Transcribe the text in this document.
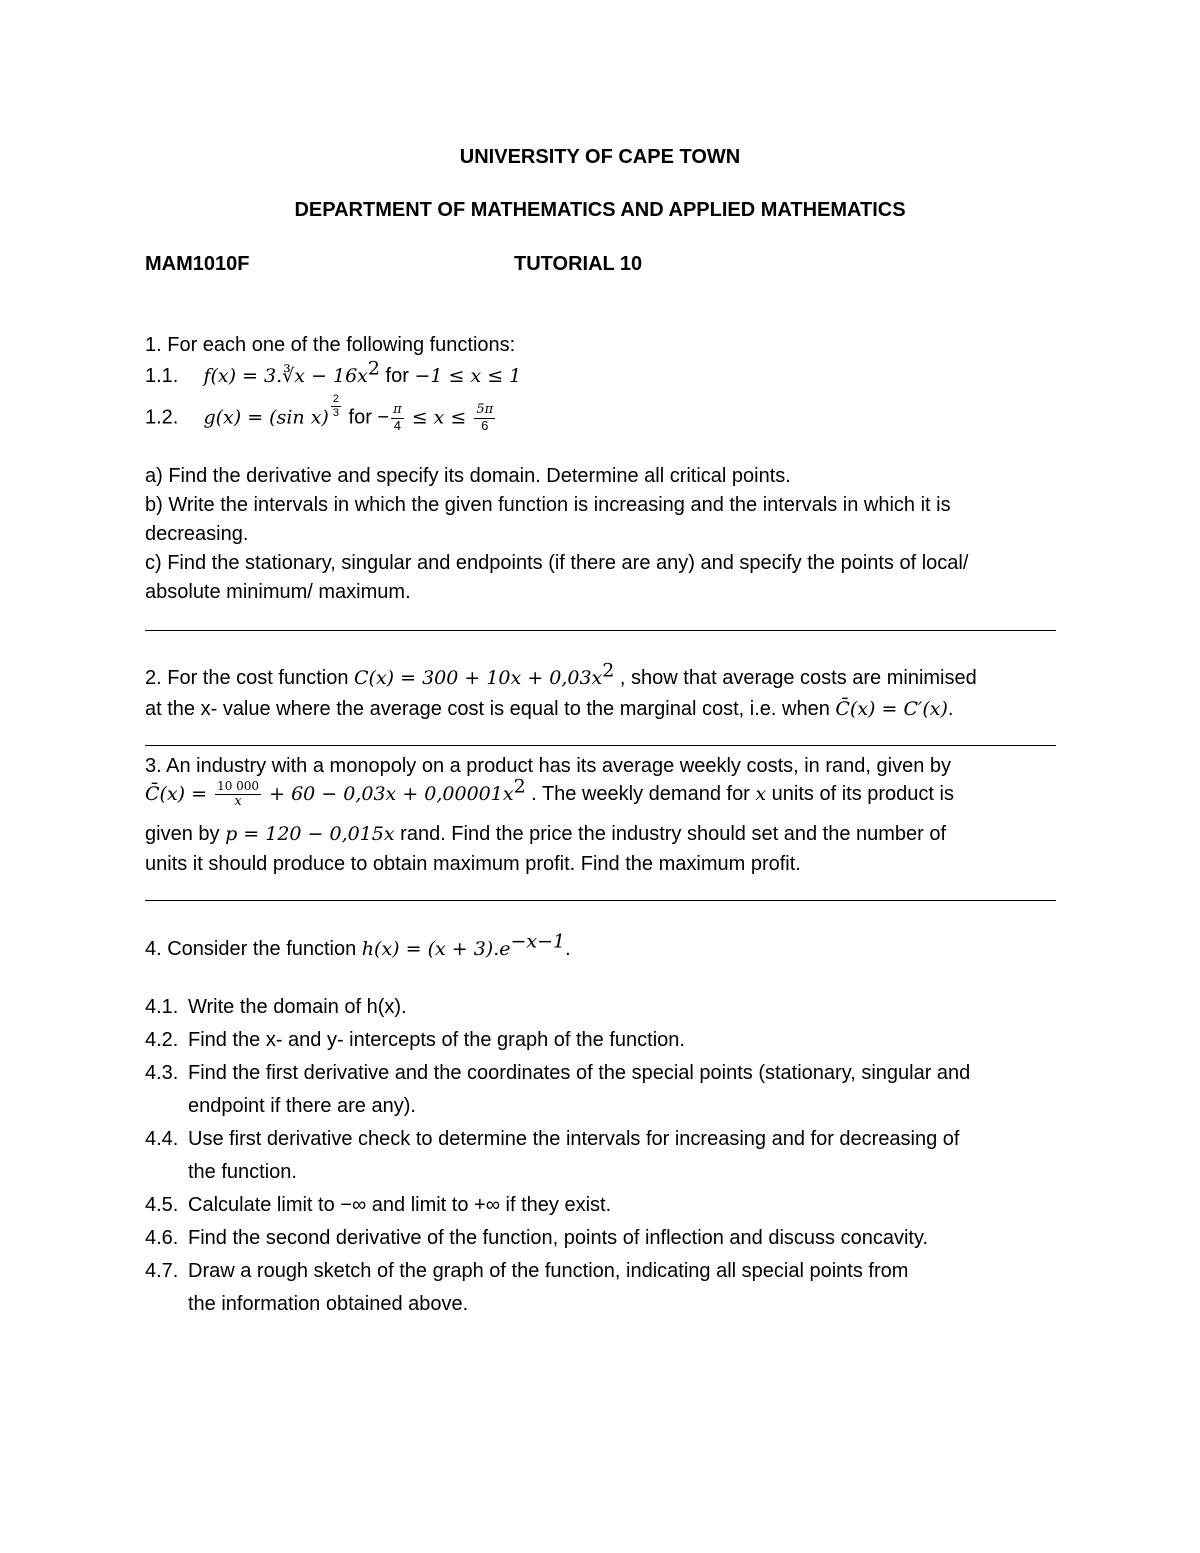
UNIVERSITY OF CAPE TOWN
DEPARTMENT OF MATHEMATICS AND APPLIED MATHEMATICS
MAM1010F	TUTORIAL 10
1. For each one of the following functions:
1.1. f(x) = 3.∛x − $16x^2$ for −1 ≤ x ≤ 1
1.2. g(x) = (sin $x) \frac{2}{3}$ for − $\frac{\pi}{4} \le x \le \frac{5\pi}{6}$

a) Find the derivative and specify its domain. Determine all critical points.

b) Write the intervals in which the given function is increasing and the intervals in which it is

decreasing.

c) Find the stationary, singular and endpoints (if there are any) and specify the points of local/

absolute minimum/ maximum.

2. For the cost function $C(x) = 300 + 10x + 0,03x^2$ , show that average costs are minimised
at the x- value where the average cost is equal to the marginal cost, i.e. when C̄(x) = C′(x).
3. An industry with a monopoly on a product has its average weekly costs, in rand, given by
C̄(x) = $\frac{10 000}{x} + 60 - 0,03x + 0,00001x^2$ . The weekly demand for x units of its product is
given by p = 120 − 0,015x rand. Find the price the industry should set and the number of
units it should produce to obtain maximum profit. Find the maximum profit.
4. Consider the function $h(x) = (x + 3).e^{-x-1}$.
4.1. Write the domain of h(x).
4.2. Find the x- and y- intercepts of the graph of the function.
4.3. Find the first derivative and the coordinates of the special points (stationary, singular and
endpoint if there are any).
4.4. Use first derivative check to determine the intervals for increasing and for decreasing of
the function.
4.5. Calculate limit to −∞ and limit to +∞ if they exist.
4.6. Find the second derivative of the function, points of inflection and discuss concavity.
4.7. Draw a rough sketch of the graph of the function, indicating all special points from
the information obtained above.
